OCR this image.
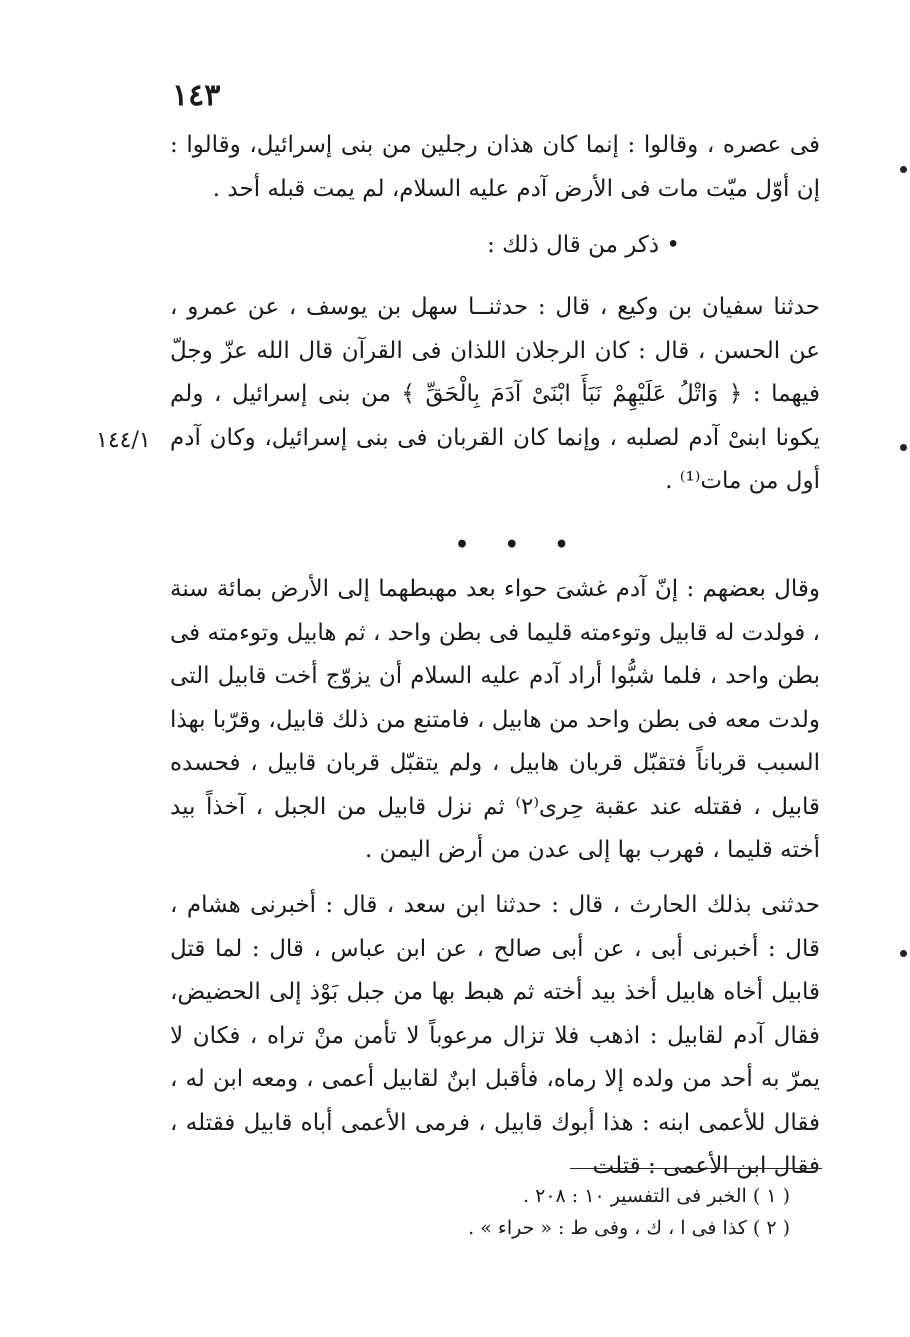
١٤٣
١٤٤/١

فى عصره ، وقالوا : إنما كان هذان رجلين من بنى إسرائيل، وقالوا : إن أوّل ميّت مات فى الأرض آدم عليه السلام، لم يمت قبله أحد .

• ذكر من قال ذلك :

حدثنا سفيان بن وكيع ، قال : حدثنــا سهل بن يوسف ، عن عمرو ، عن الحسن ، قال : كان الرجلان اللذان فى القرآن قال الله عزّ وجلّ فيهما : ﴿ وَاتْلُ عَلَيْهِمْ نَبَأَ ابْنَىْ آدَمَ بِالْحَقِّ ﴾ من بنى إسرائيل ، ولم يكونا ابنىْ آدم لصلبه ، وإنما كان القربان فى بنى إسرائيل، وكان آدم أول من مات⁽¹⁾ .

• • •

وقال بعضهم : إنّ آدم غشىَ حواء بعد مهبطهما إلى الأرض بمائة سنة ، فولدت له قابيل وتوءمته قليما فى بطن واحد ، ثم هابيل وتوءمته فى بطن واحد ، فلما شبُّوا أراد آدم عليه السلام أن يزوّج أخت قابيل التى ولدت معه فى بطن واحد من هابيل ، فامتنع من ذلك قابيل، وقرّبا بهذا السبب قرباناً فتقبّل قربان هابيل ، ولم يتقبّل قربان قابيل ، فحسده قابيل ، فقتله عند عقبة حِرى⁽٢⁾ ثم نزل قابيل من الجبل ، آخذاً بيد أخته قليما ، فهرب بها إلى عدن من أرض اليمن .

حدثنى بذلك الحارث ، قال : حدثنا ابن سعد ، قال : أخبرنى هشام ، قال : أخبرنى أبى ، عن أبى صالح ، عن ابن عباس ، قال : لما قتل قابيل أخاه هابيل أخذ بيد أخته ثم هبط بها من جبل بَوْذ إلى الحضيض، فقال آدم لقابيل : اذهب فلا تزال مرعوباً لا تأمن منْ تراه ، فكان لا يمرّ به أحد من ولده إلا رماه، فأقبل ابنٌ لقابيل أعمى ، ومعه ابن له ، فقال للأعمى ابنه : هذا أبوك قابيل ، فرمى الأعمى أباه قابيل فقتله ، فقال ابن الأعمى : قتلت

( ١ ) الخبر فى التفسير ١٠ : ٢٠٨ .

( ٢ ) كذا فى ا ، ك ، وفى ط : « حراء » .
